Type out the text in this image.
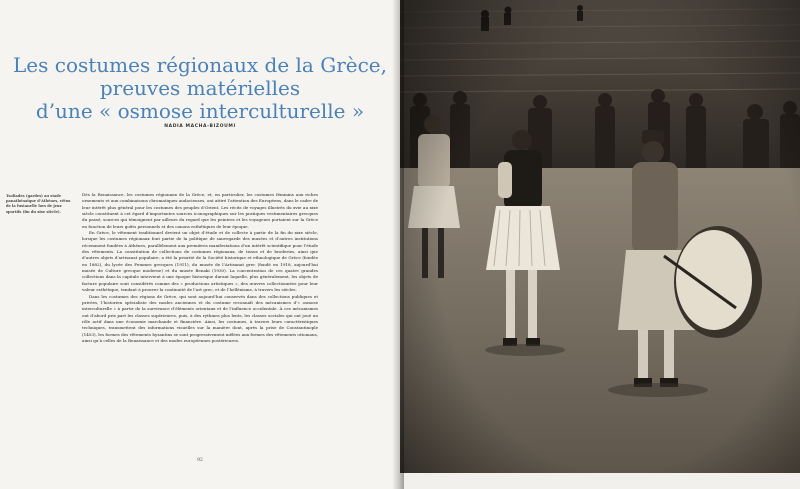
Les costumes régionaux de la Grèce,
preuves matérielles
d’une « osmose interculturelle »
NADIA MACHA-BIZOUMI

Tsoliades (gardes) au stade panathénaïque d’Athènes, vêtus de la fustanelle lors de jeux sportifs (fin du xixe siècle).

Dès la Renaissance, les costumes régionaux de la Grèce, et, en particulier, les costumes féminins aux riches ornements et aux combinaisons chromatiques audacieuses, ont attiré l’attention des Européens, dans le cadre de leur intérêt plus général pour les costumes des peuples d’Orient. Les récits de voyages illustrés du xvie au xixe siècle constituent à cet égard d’importantes sources iconographiques sur les pratiques vestimentaires grecques du passé, sources qui témoignent par ailleurs du regard que les peintres et les voyageurs portaient sur la Grèce en fonction de leurs goûts personnels et des canons esthétiques de leur époque.

En Grèce, le vêtement traditionnel devient un objet d’étude et de collecte à partir de la fin du xixe siècle, lorsque les costumes régionaux font partie de la politique de sauvegarde des musées et d’autres institutions récemment fondées à Athènes, parallèlement aux premières manifestations d’un intérêt scientifique pour l’étude des vêtements. La constitution de collections de costumes régionaux, de tissus et de broderies, ainsi que d’autres objets d’artisanat populaire, a été la priorité de la Société historique et ethnologique de Grèce (fondée en 1882), du lycée des Femmes grecques (1911), du musée de l’Artisanat grec (fondé en 1918, aujourd’hui musée de Culture grecque moderne) et du musée Benaki (1930). La concentration de ces quatre grandes collections dans la capitale intervient à une époque historique durant laquelle, plus généralement, les objets de facture populaire sont considérés comme des « productions artistiques », des œuvres collectionnées pour leur valeur esthétique, tendant à prouver la continuité de l’art grec, et de l’hellénisme, à travers les siècles.

Dans les costumes des régions de Grèce, qui sont aujourd’hui conservés dans des collections publiques et privées, l’historien spécialiste des modes anciennes et du costume reconnaît des mécanismes d’« osmose interculturelle » à partir de la survivance d’éléments orientaux et de l’influence occidentale. À ces mécanismes ont d’abord pris part les classes supérieures, puis, à des rythmes plus lents, les classes sociales qui ont joué un rôle actif dans une économie marchande et financière. Ainsi, les costumes, à travers leurs caractéristiques techniques, transmettent des informations visuelles sur la manière dont, après la prise de Constantinople (1453), les formes des vêtements byzantins se sont progressivement mêlées aux formes des vêtements ottomans, ainsi qu’à celles de la Renaissance et des modes européennes postérieures.

92
